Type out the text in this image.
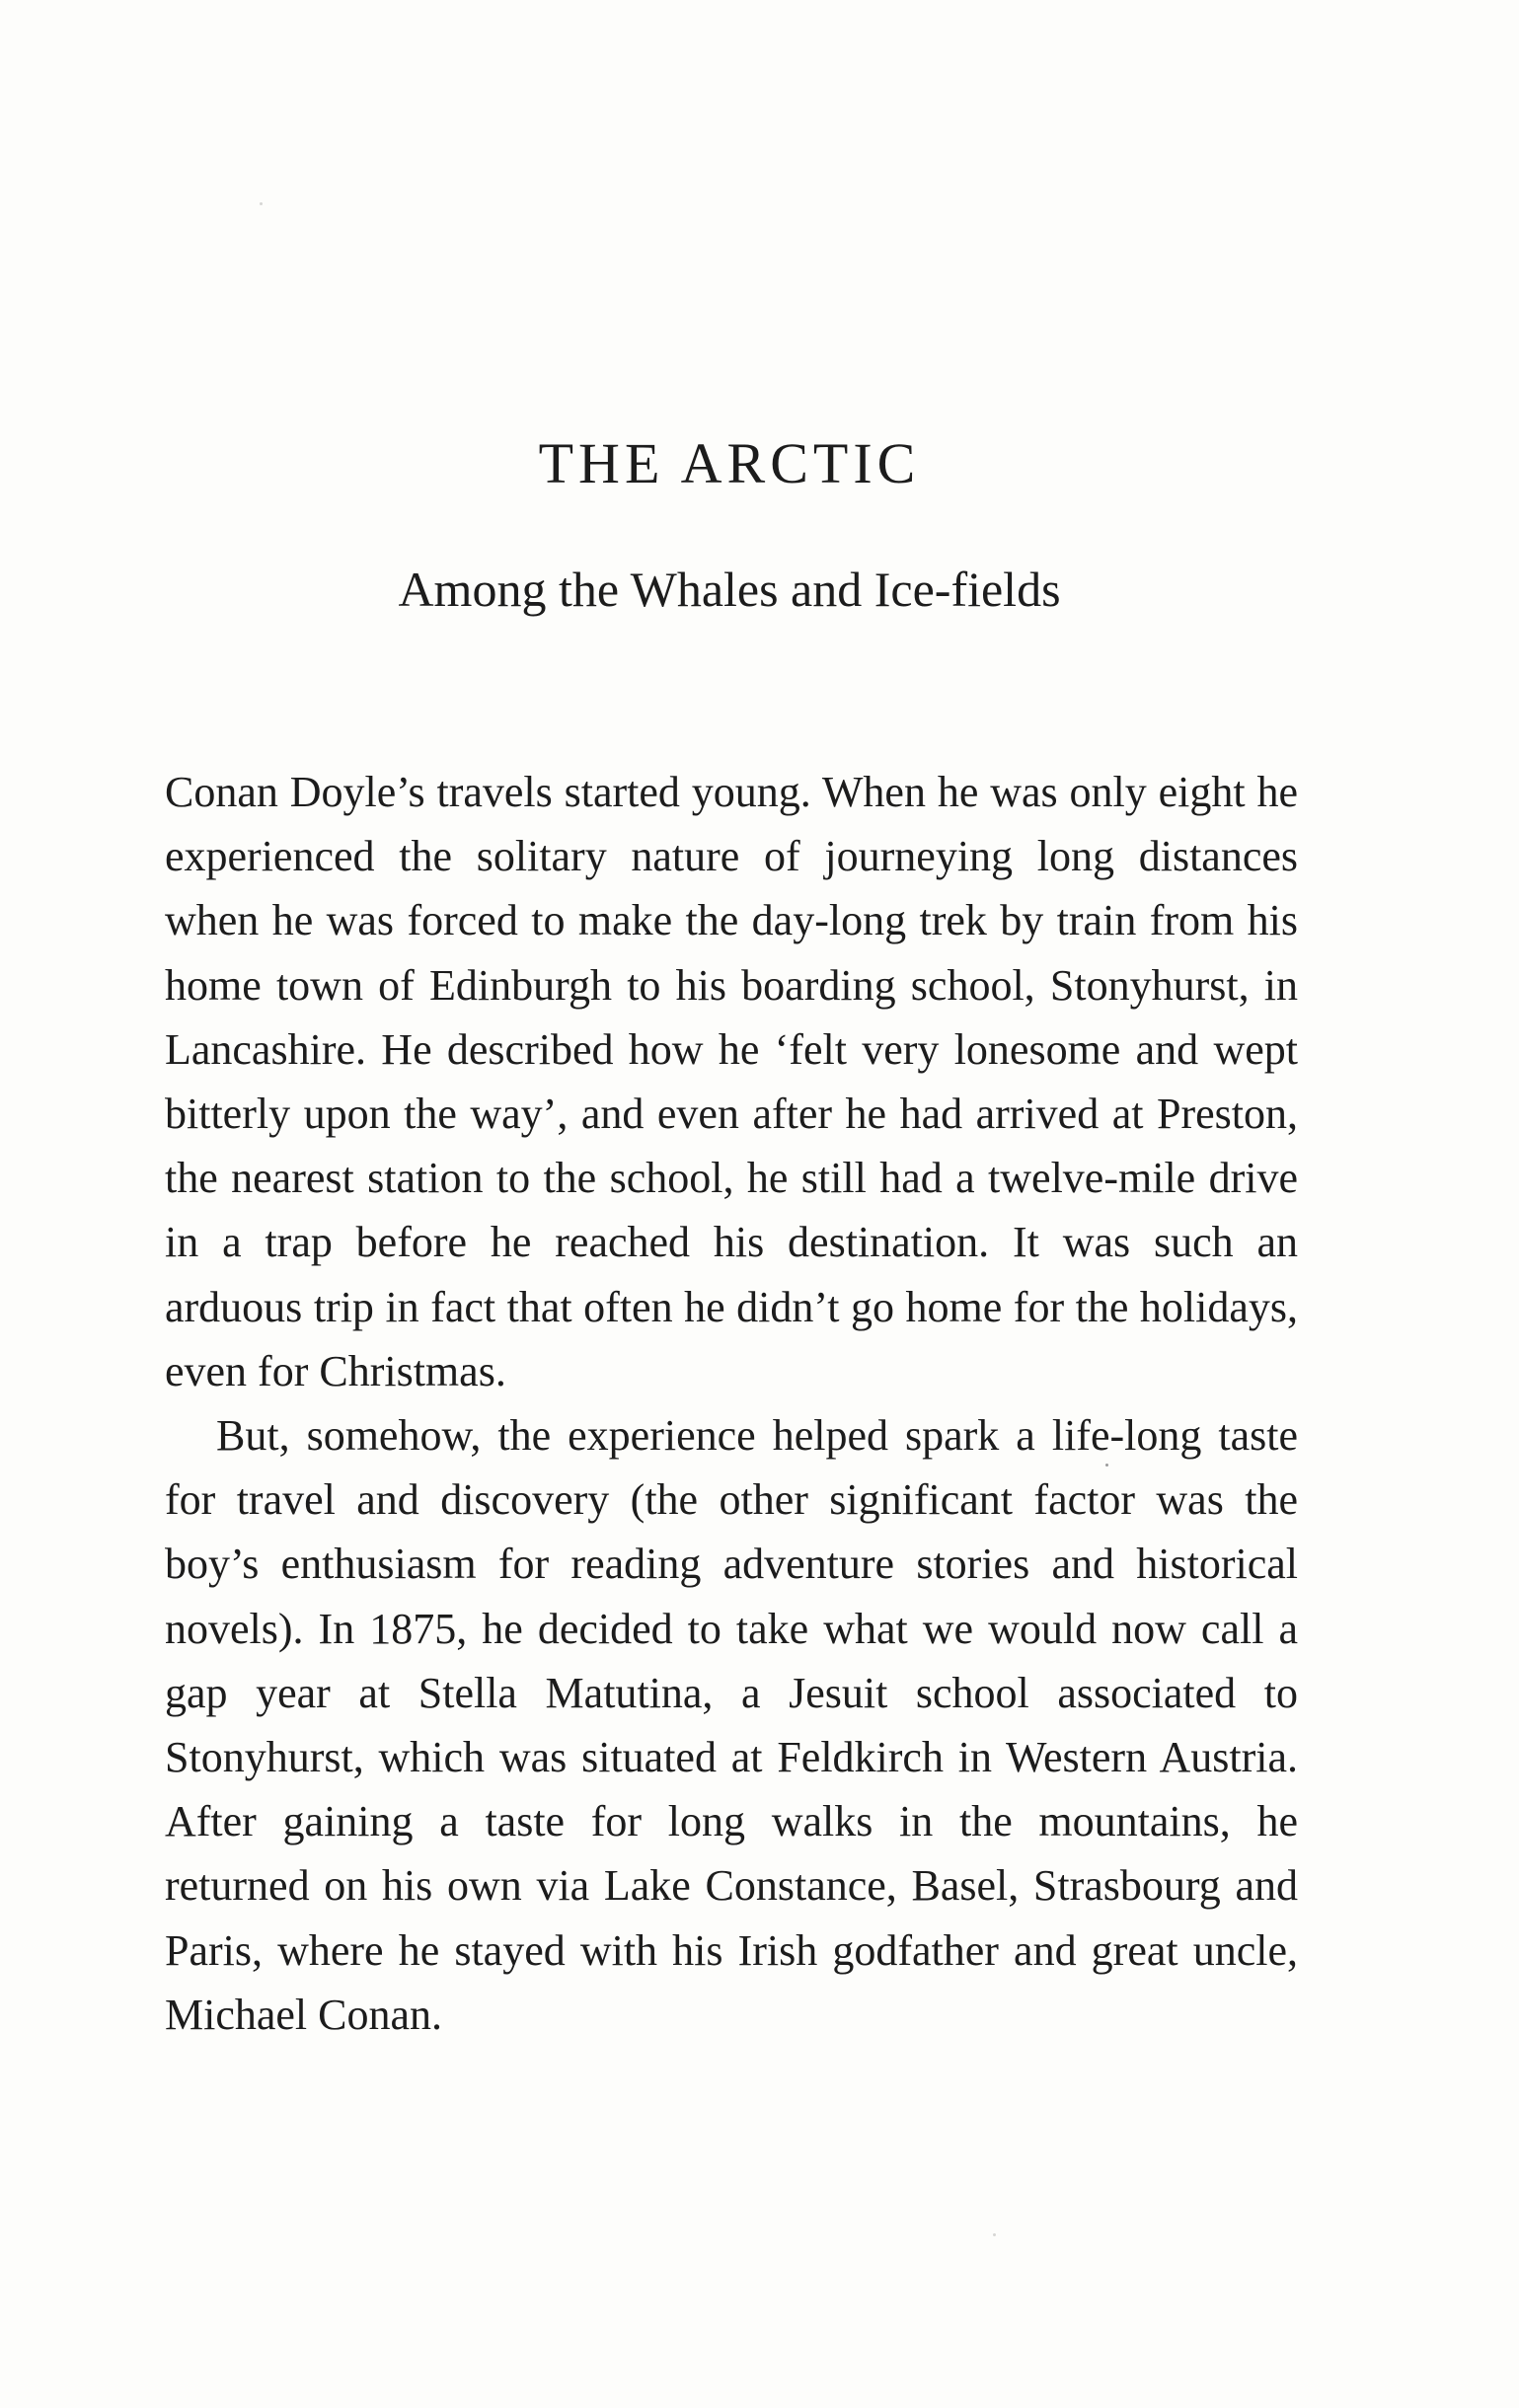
THE ARCTIC
Among the Whales and Ice-fields

Conan Doyle’s travels started young. When he was only eight he experienced the solitary nature of journeying long distances when he was forced to make the day-long trek by train from his home town of Edinburgh to his boarding school, Stonyhurst, in Lancashire. He described how he ‘felt very lonesome and wept bitterly upon the way’, and even after he had arrived at Preston, the nearest station to the school, he still had a twelve-mile drive in a trap before he reached his destination. It was such an arduous trip in fact that often he didn’t go home for the holidays, even for Christmas.

But, somehow, the experience helped spark a life-long taste for travel and discovery (the other significant factor was the boy’s enthusiasm for reading adventure stories and historical novels). In 1875, he decided to take what we would now call a gap year at Stella Matutina, a Jesuit school associated to Stonyhurst, which was situated at Feldkirch in Western Austria. After gaining a taste for long walks in the mountains, he returned on his own via Lake Constance, Basel, Strasbourg and Paris, where he stayed with his Irish godfather and great uncle, Michael Conan.
